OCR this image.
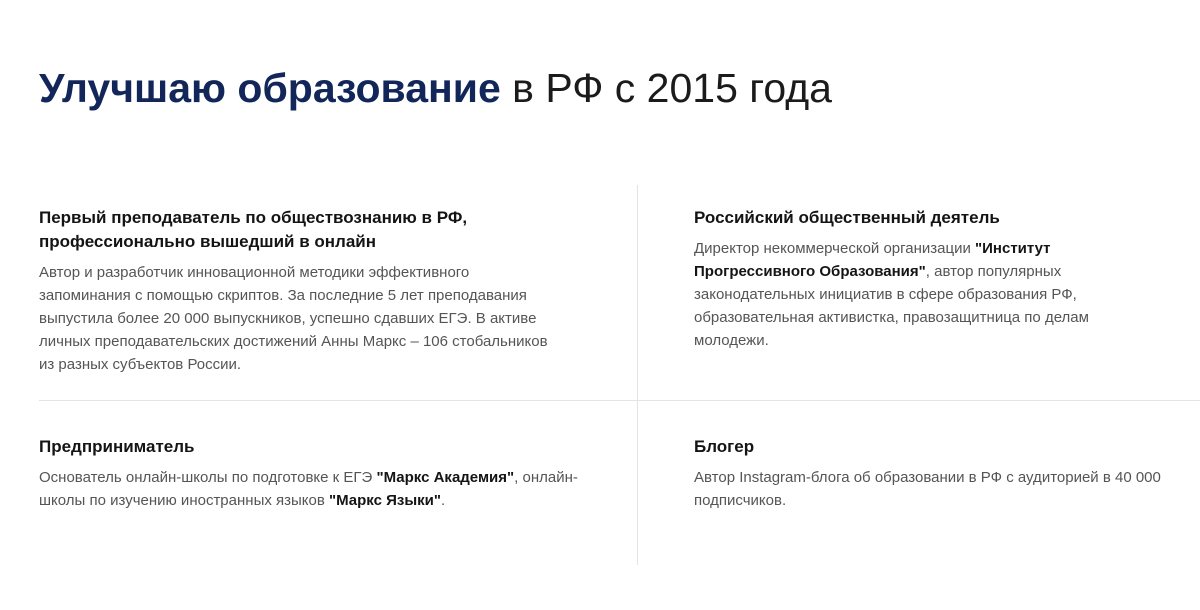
Улучшаю образование в РФ с 2015 года
Первый преподаватель по обществознанию в РФ,
профессионально вышедший в онлайн

Автор и разработчик инновационной методики эффективного запоминания с помощью скриптов. За последние 5 лет преподавания выпустила более 20 000 выпускников, успешно сдавших ЕГЭ. В активе личных преподавательских достижений Анны Маркс – 106 стобальников из разных субъектов России.

Российский общественный деятель

Директор некоммерческой организации "Институт Прогрессивного Образования", автор популярных законодательных инициатив в сфере образования РФ, образовательная активистка, правозащитница по делам молодежи.

Предприниматель

Основатель онлайн-школы по подготовке к ЕГЭ "Маркс Академия", онлайн-школы по изучению иностранных языков "Маркс Языки".

Блогер

Автор Instagram-блога об образовании в РФ с аудиторией в 40 000 подписчиков.
